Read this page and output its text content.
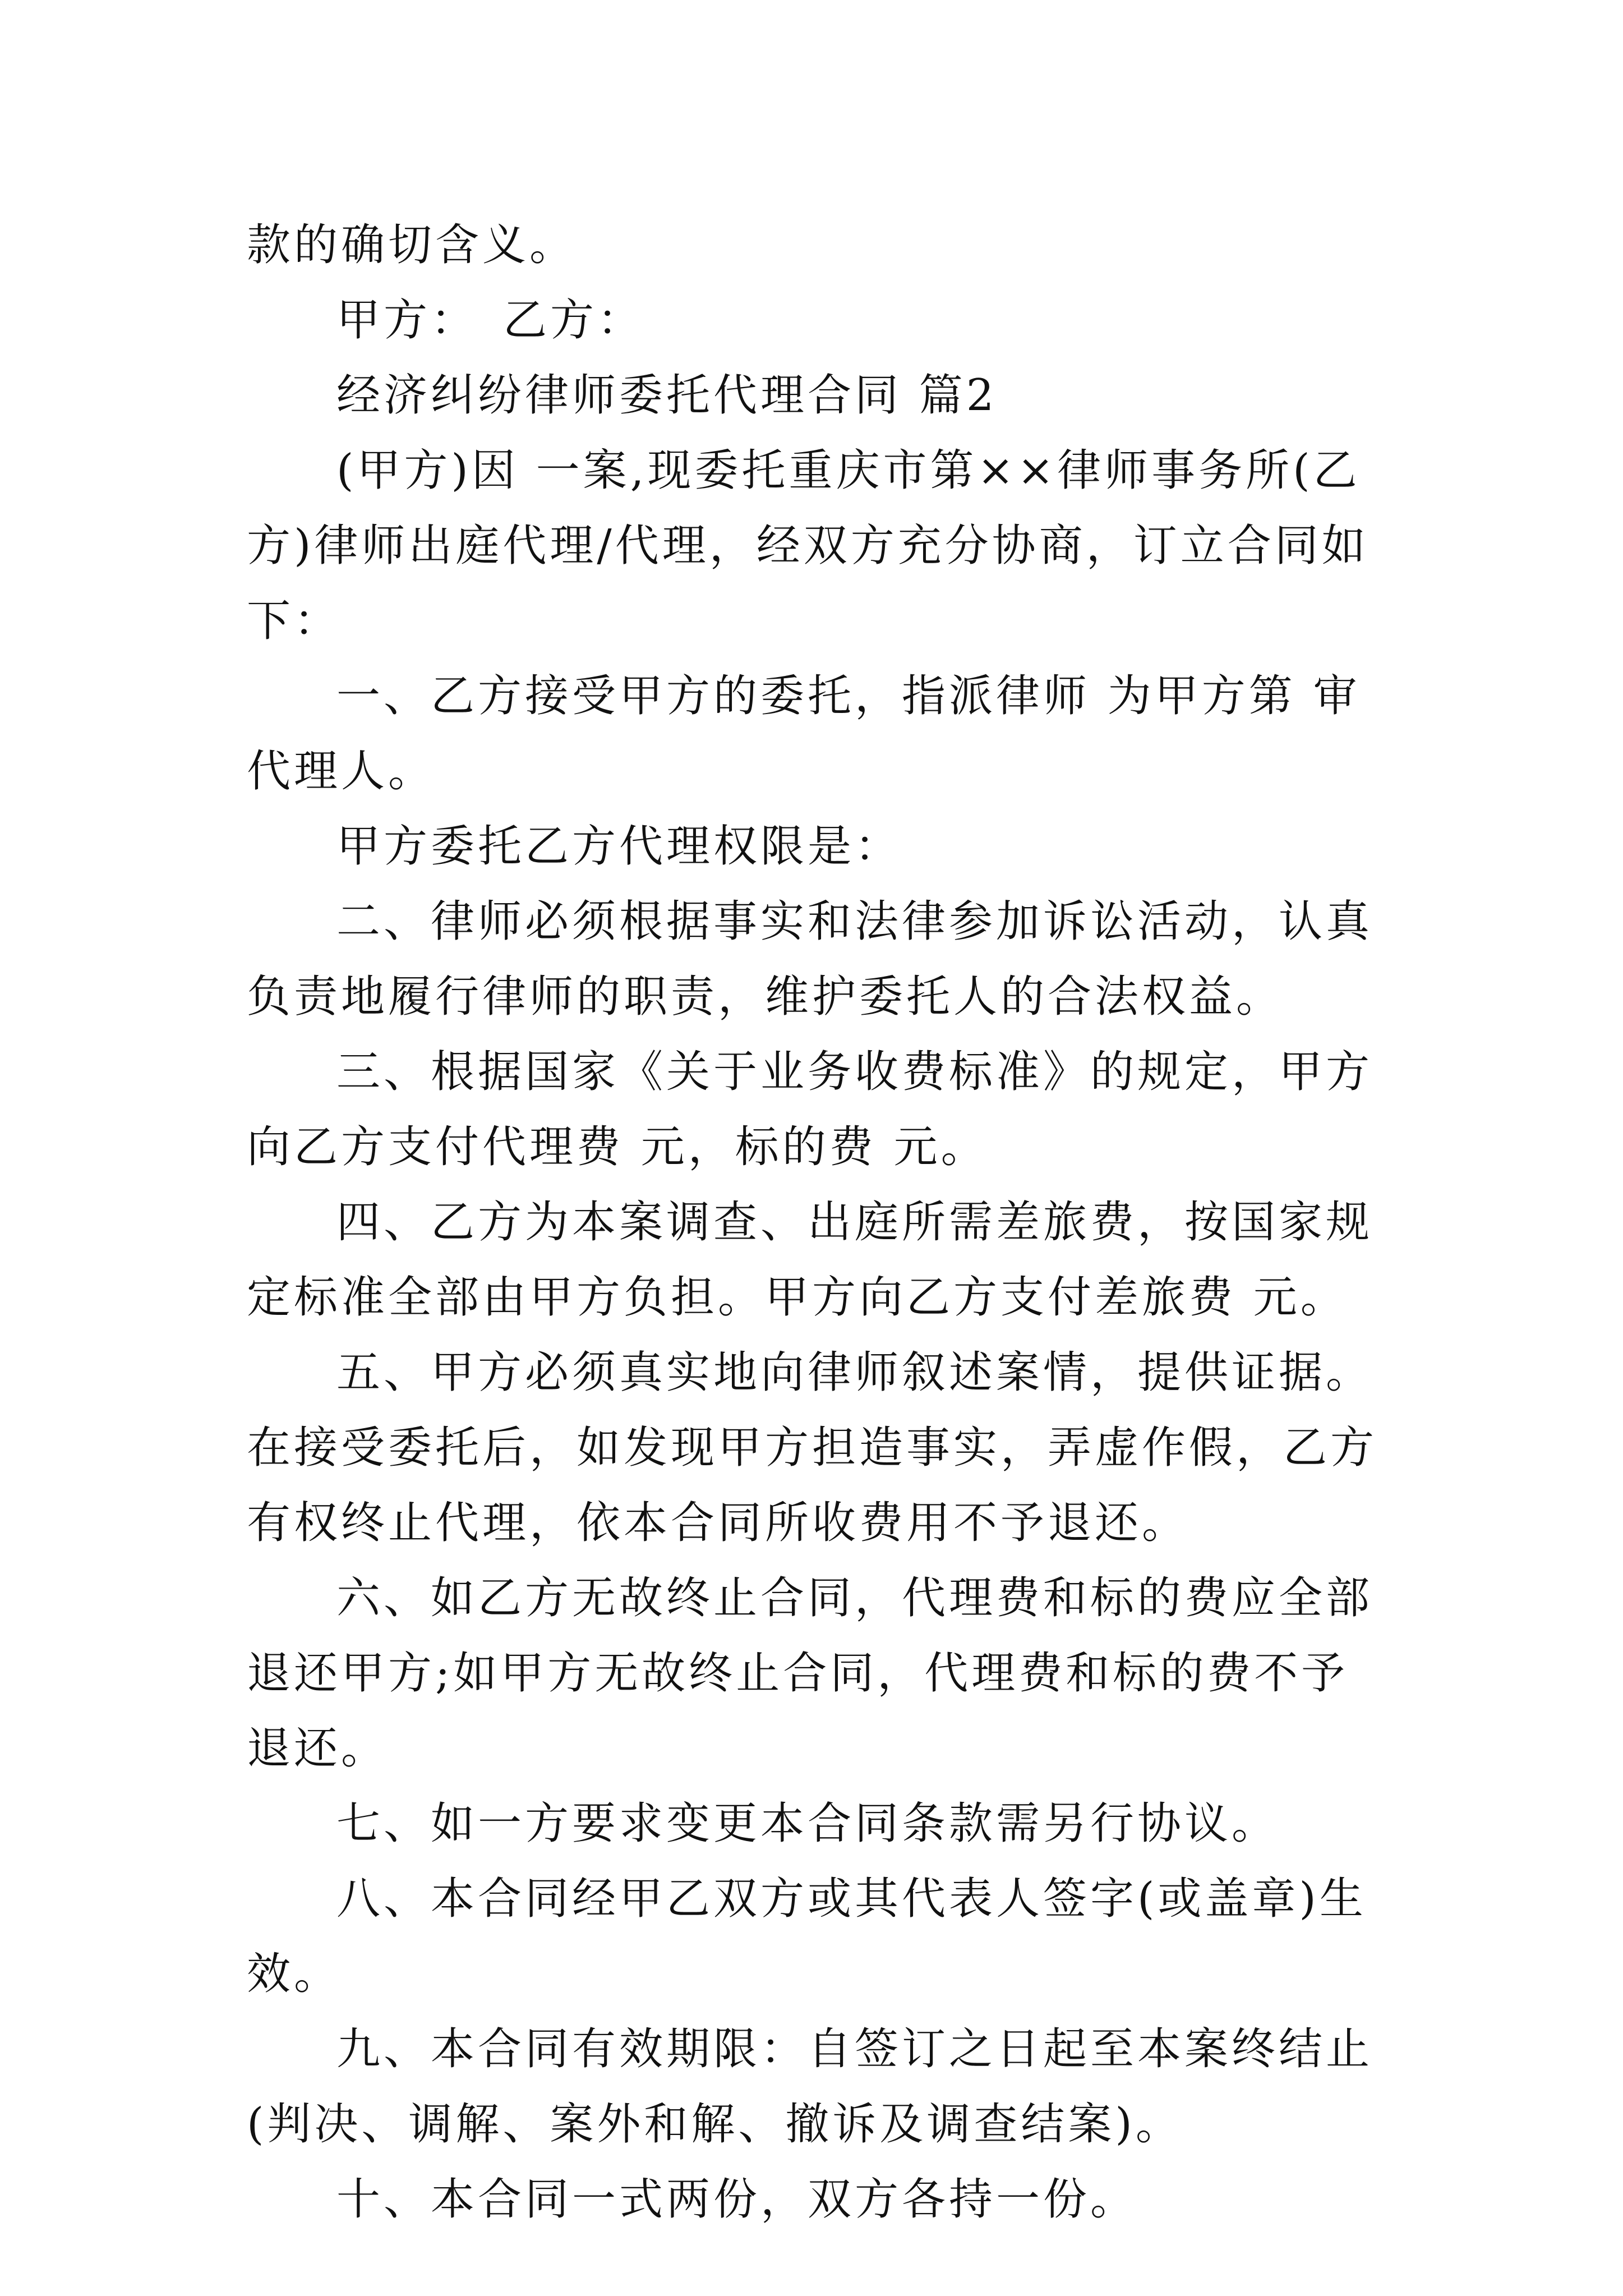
款的确切含义。

甲方：　乙方：

经济纠纷律师委托代理合同 篇2

(甲方)因 一案,现委托重庆市第××律师事务所(乙方)律师出庭代理/代理，经双方充分协商，订立合同如下：

一、乙方接受甲方的委托，指派律师 为甲方第 审代理人。

甲方委托乙方代理权限是：

二、律师必须根据事实和法律参加诉讼活动，认真负责地履行律师的职责，维护委托人的合法权益。

三、根据国家《关于业务收费标准》的规定，甲方向乙方支付代理费 元，标的费 元。

四、乙方为本案调查、出庭所需差旅费，按国家规定标准全部由甲方负担。甲方向乙方支付差旅费 元。

五、甲方必须真实地向律师叙述案情，提供证据。在接受委托后，如发现甲方担造事实，弄虚作假，乙方有权终止代理，依本合同所收费用不予退还。

六、如乙方无故终止合同，代理费和标的费应全部退还甲方;如甲方无故终止合同，代理费和标的费不予退还。

七、如一方要求变更本合同条款需另行协议。

八、本合同经甲乙双方或其代表人签字(或盖章)生效。

九、本合同有效期限：自签订之日起至本案终结止(判决、调解、案外和解、撤诉及调查结案)。

十、本合同一式两份，双方各持一份。
